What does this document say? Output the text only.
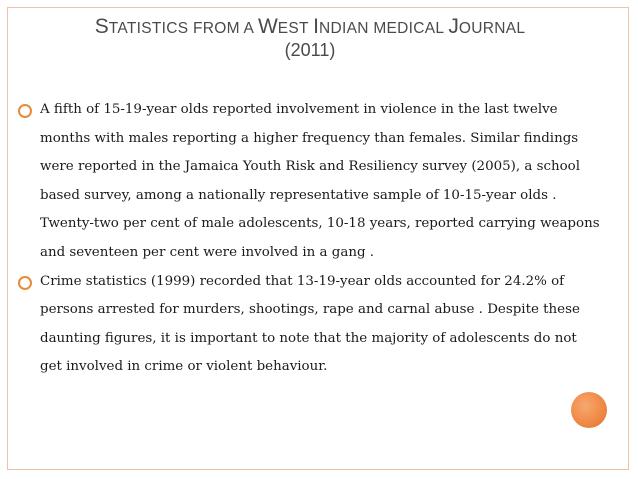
STATISTICS FROM A WEST INDIAN MEDICAL JOURNAL
(2011)
A fifth of 15-19-year olds reported involvement in violence in the last twelve months with males reporting a higher frequency than females. Similar findings were reported in the Jamaica Youth Risk and Resiliency survey (2005), a school based survey, among a nationally representative sample of 10-15-year olds . Twenty-two per cent of male adolescents, 10-18 years, reported carrying weapons and seventeen per cent were involved in a gang .
Crime statistics (1999) recorded that 13-19-year olds accounted for 24.2% of persons arrested for murders, shootings, rape and carnal abuse . Despite these daunting figures, it is important to note that the majority of adolescents do not get involved in crime or violent behaviour.
